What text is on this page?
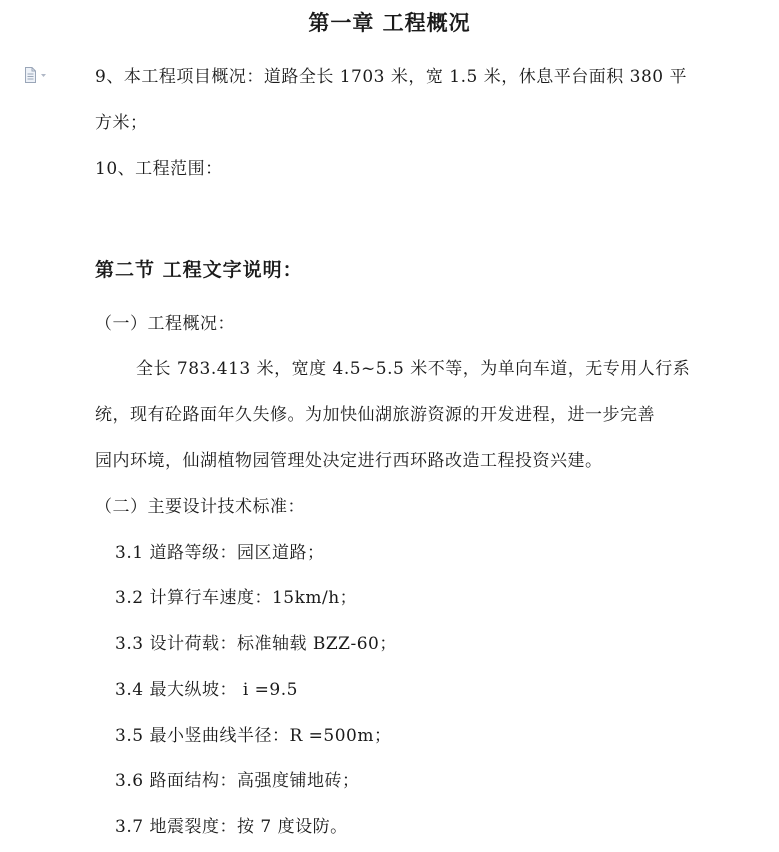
第一章 工程概况
9、本工程项目概况：道路全长 1703 米，宽 1.5 米，休息平台面积 380 平
方米；
10、工程范围：
第二节 工程文字说明：
（一）工程概况：
全长 783.413 米，宽度 4.5~5.5 米不等，为单向车道，无专用人行系
统，现有砼路面年久失修。为加快仙湖旅游资源的开发进程，进一步完善
园内环境，仙湖植物园管理处决定进行西环路改造工程投资兴建。
（二）主要设计技术标准：
3.1 道路等级：园区道路；
3.2 计算行车速度：15km/h；
3.3 设计荷载：标准轴载 BZZ-60；
3.4 最大纵坡： i =9.5
3.5 最小竖曲线半径：R =500m；
3.6 路面结构：高强度铺地砖；
3.7 地震裂度：按 7 度设防。
